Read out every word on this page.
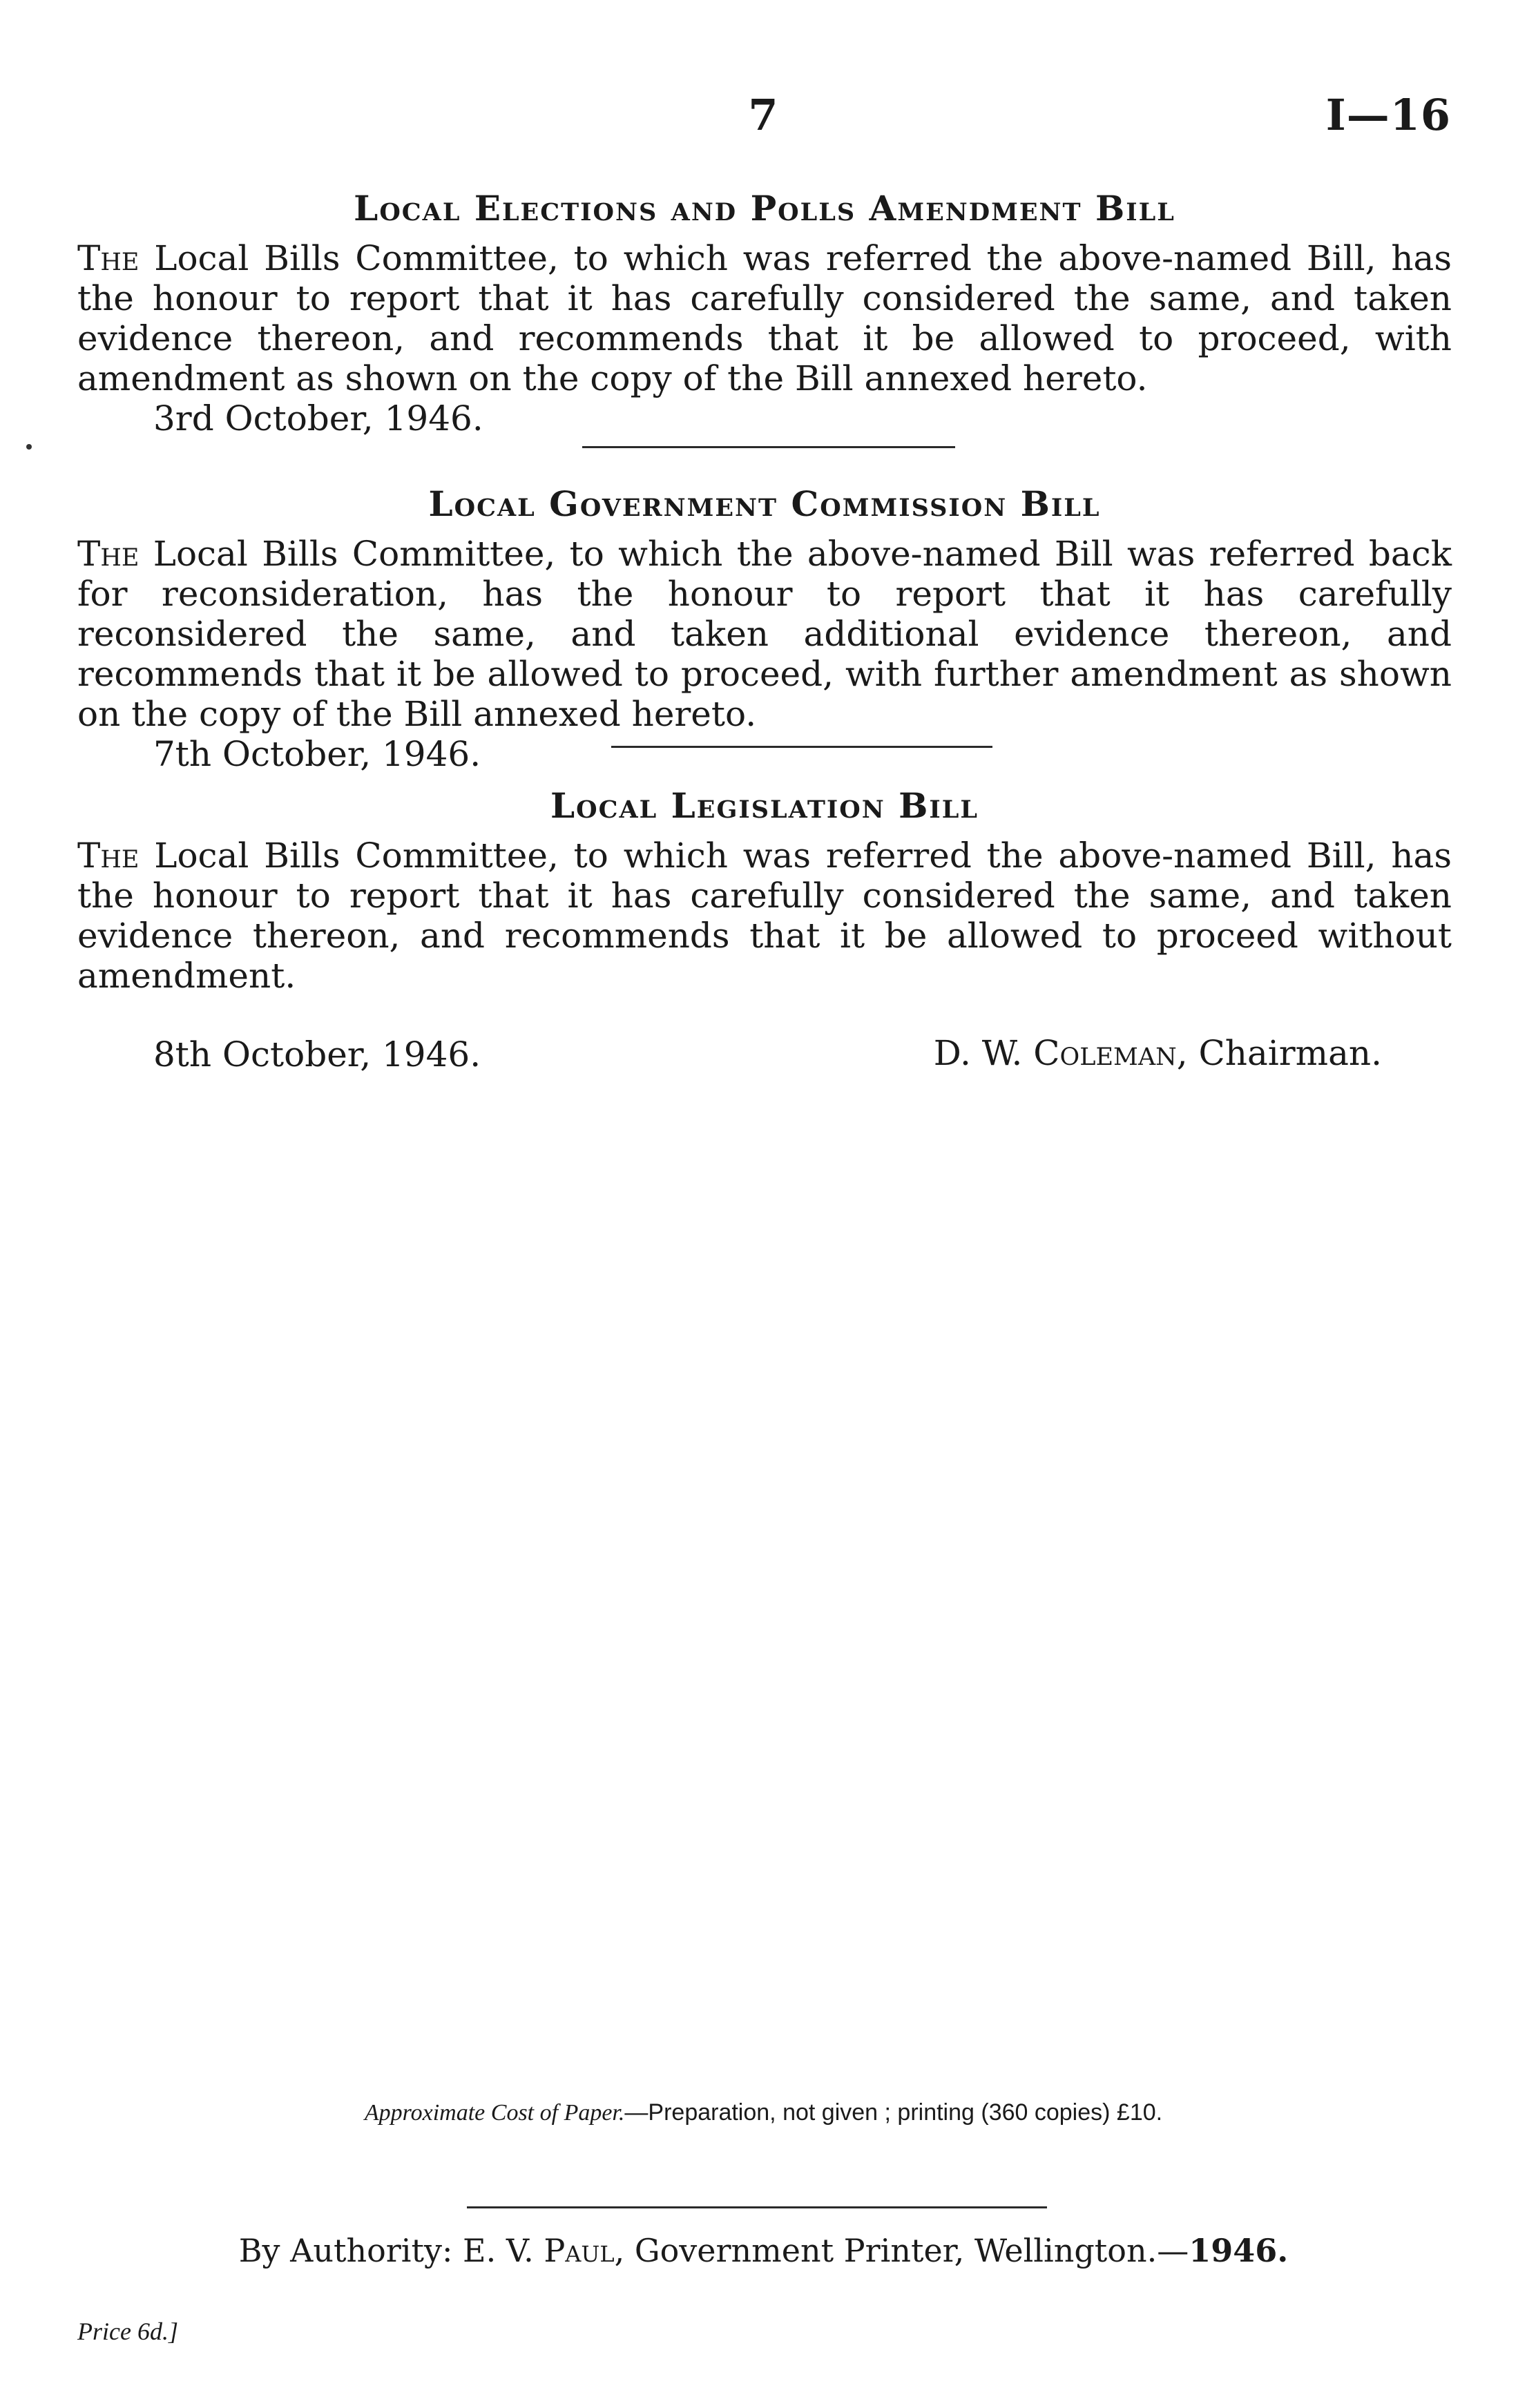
7	I—16
Local Elections and Polls Amendment Bill

The Local Bills Committee, to which was referred the above-named Bill, has the honour to report that it has carefully considered the same, and taken evidence thereon, and recommends that it be allowed to proceed, with amendment as shown on the copy of the Bill annexed hereto.

3rd October, 1946.

Local Government Commission Bill

The Local Bills Committee, to which the above-named Bill was referred back for reconsideration, has the honour to report that it has carefully reconsidered the same, and taken additional evidence thereon, and recommends that it be allowed to proceed, with further amendment as shown on the copy of the Bill annexed hereto.

7th October, 1946.

Local Legislation Bill

The Local Bills Committee, to which was referred the above-named Bill, has the honour to report that it has carefully considered the same, and taken evidence thereon, and recommends that it be allowed to proceed without amendment.

8th October, 1946.	D. W. Coleman, Chairman.
Approximate Cost of Paper.—Preparation, not given ; printing (360 copies) £10.
By Authority: E. V. Paul, Government Printer, Wellington.—1946.
Price 6d.]
